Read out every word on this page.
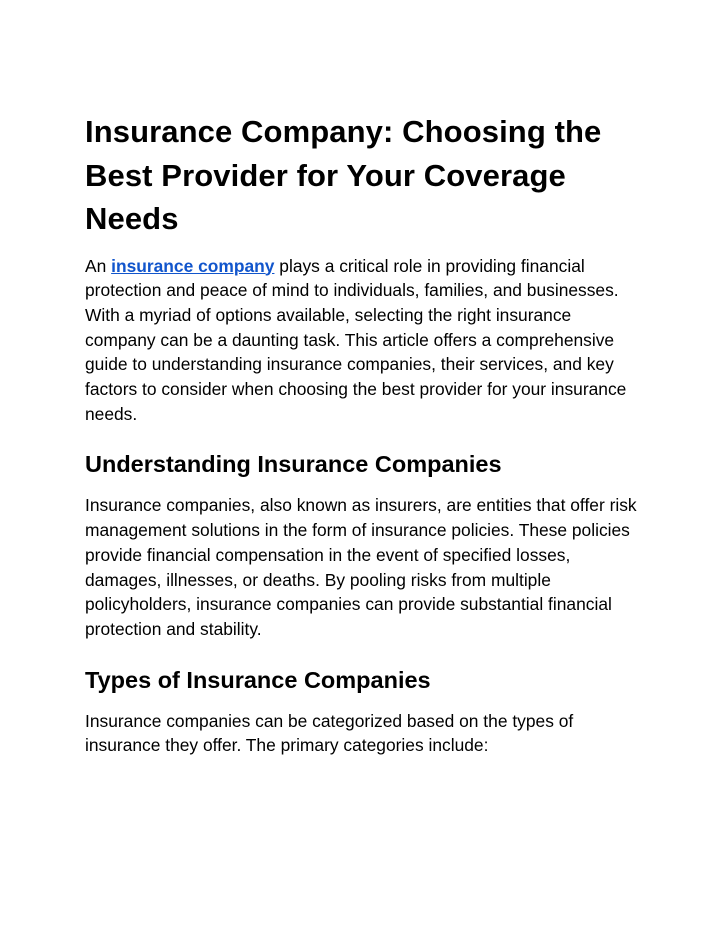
Insurance Company: Choosing the Best Provider for Your Coverage Needs

An insurance company plays a critical role in providing financial protection and peace of mind to individuals, families, and businesses. With a myriad of options available, selecting the right insurance company can be a daunting task. This article offers a comprehensive guide to understanding insurance companies, their services, and key factors to consider when choosing the best provider for your insurance needs.

Understanding Insurance Companies

Insurance companies, also known as insurers, are entities that offer risk management solutions in the form of insurance policies. These policies provide financial compensation in the event of specified losses, damages, illnesses, or deaths. By pooling risks from multiple policyholders, insurance companies can provide substantial financial protection and stability.

Types of Insurance Companies

Insurance companies can be categorized based on the types of insurance they offer. The primary categories include:
